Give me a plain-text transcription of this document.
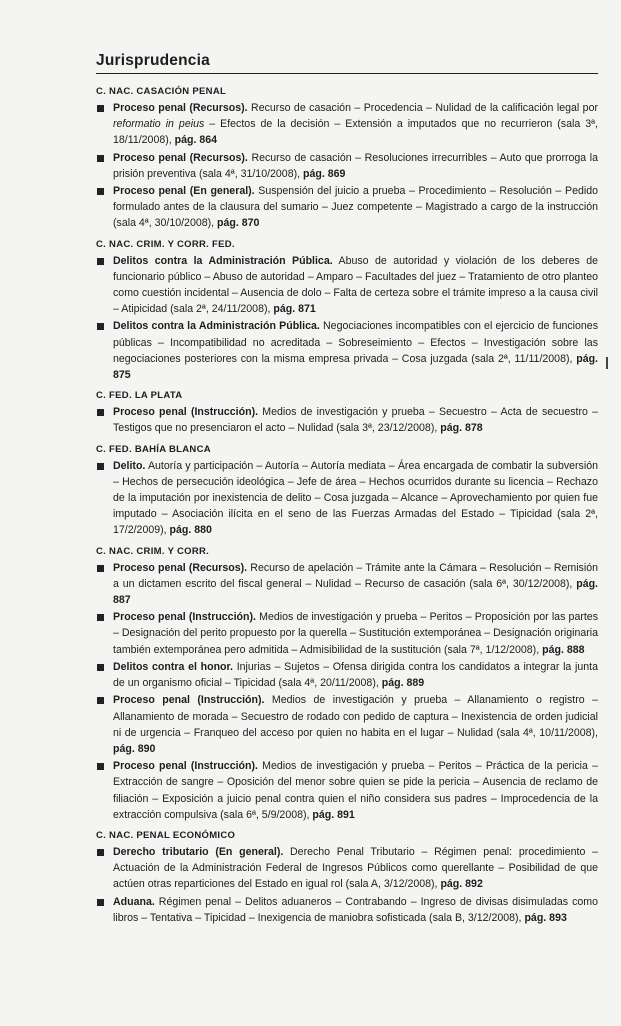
Jurisprudencia
C. NAC. CASACIÓN PENAL
Proceso penal (Recursos). Recurso de casación – Procedencia – Nulidad de la calificación legal por reformatio in peius – Efectos de la decisión – Extensión a imputados que no recurrieron (sala 3ª, 18/11/2008), pág. 864
Proceso penal (Recursos). Recurso de casación – Resoluciones irrecurribles – Auto que prorroga la prisión preventiva (sala 4ª, 31/10/2008), pág. 869
Proceso penal (En general). Suspensión del juicio a prueba – Procedimiento – Resolución – Pedido formulado antes de la clausura del sumario – Juez competente – Magistrado a cargo de la instrucción (sala 4ª, 30/10/2008), pág. 870
C. NAC. CRIM. Y CORR. FED.
Delitos contra la Administración Pública. Abuso de autoridad y violación de los deberes de funcionario público – Abuso de autoridad – Amparo – Facultades del juez – Tratamiento de otro planteo como cuestión incidental – Ausencia de dolo – Falta de certeza sobre el trámite impreso a la causa civil – Atipicidad (sala 2ª, 24/11/2008), pág. 871
Delitos contra la Administración Pública. Negociaciones incompatibles con el ejercicio de funciones públicas – Incompatibilidad no acreditada – Sobreseimiento – Efectos – Investigación sobre las negociaciones posteriores con la misma empresa privada – Cosa juzgada (sala 2ª, 11/11/2008), pág. 875
C. FED. LA PLATA
Proceso penal (Instrucción). Medios de investigación y prueba – Secuestro – Acta de secuestro – Testigos que no presenciaron el acto – Nulidad (sala 3ª, 23/12/2008), pág. 878
C. FED. BAHÍA BLANCA
Delito. Autoría y participación – Autoría – Autoría mediata – Área encargada de combatir la subversión – Hechos de persecución ideológica – Jefe de área – Hechos ocurridos durante su licencia – Rechazo de la imputación por inexistencia de delito – Cosa juzgada – Alcance – Aprovechamiento por quien fue imputado – Asociación ilícita en el seno de las Fuerzas Armadas del Estado – Tipicidad (sala 2ª, 17/2/2009), pág. 880
C. NAC. CRIM. Y CORR.
Proceso penal (Recursos). Recurso de apelación – Trámite ante la Cámara – Resolución – Remisión a un dictamen escrito del fiscal general – Nulidad – Recurso de casación (sala 6ª, 30/12/2008), pág. 887
Proceso penal (Instrucción). Medios de investigación y prueba – Peritos – Proposición por las partes – Designación del perito propuesto por la querella – Sustitución extemporánea – Designación originaria también extemporánea pero admitida – Admisibilidad de la sustitución (sala 7ª, 1/12/2008), pág. 888
Delitos contra el honor. Injurias – Sujetos – Ofensa dirigida contra los candidatos a integrar la junta de un organismo oficial – Tipicidad (sala 4ª, 20/11/2008), pág. 889
Proceso penal (Instrucción). Medios de investigación y prueba – Allanamiento o registro – Allanamiento de morada – Secuestro de rodado con pedido de captura – Inexistencia de orden judicial ni de urgencia – Franqueo del acceso por quien no habita en el lugar – Nulidad (sala 4ª, 10/11/2008), pág. 890
Proceso penal (Instrucción). Medios de investigación y prueba – Peritos – Práctica de la pericia – Extracción de sangre – Oposición del menor sobre quien se pide la pericia – Ausencia de reclamo de filiación – Exposición a juicio penal contra quien el niño considera sus padres – Improcedencia de la extracción compulsiva (sala 6ª, 5/9/2008), pág. 891
C. NAC. PENAL ECONÓMICO
Derecho tributario (En general). Derecho Penal Tributario – Régimen penal: procedimiento – Actuación de la Administración Federal de Ingresos Públicos como querellante – Posibilidad de que actúen otras reparticiones del Estado en igual rol (sala A, 3/12/2008), pág. 892
Aduana. Régimen penal – Delitos aduaneros – Contrabando – Ingreso de divisas disimuladas como libros – Tentativa – Tipicidad – Inexigencia de maniobra sofisticada (sala B, 3/12/2008), pág. 893
